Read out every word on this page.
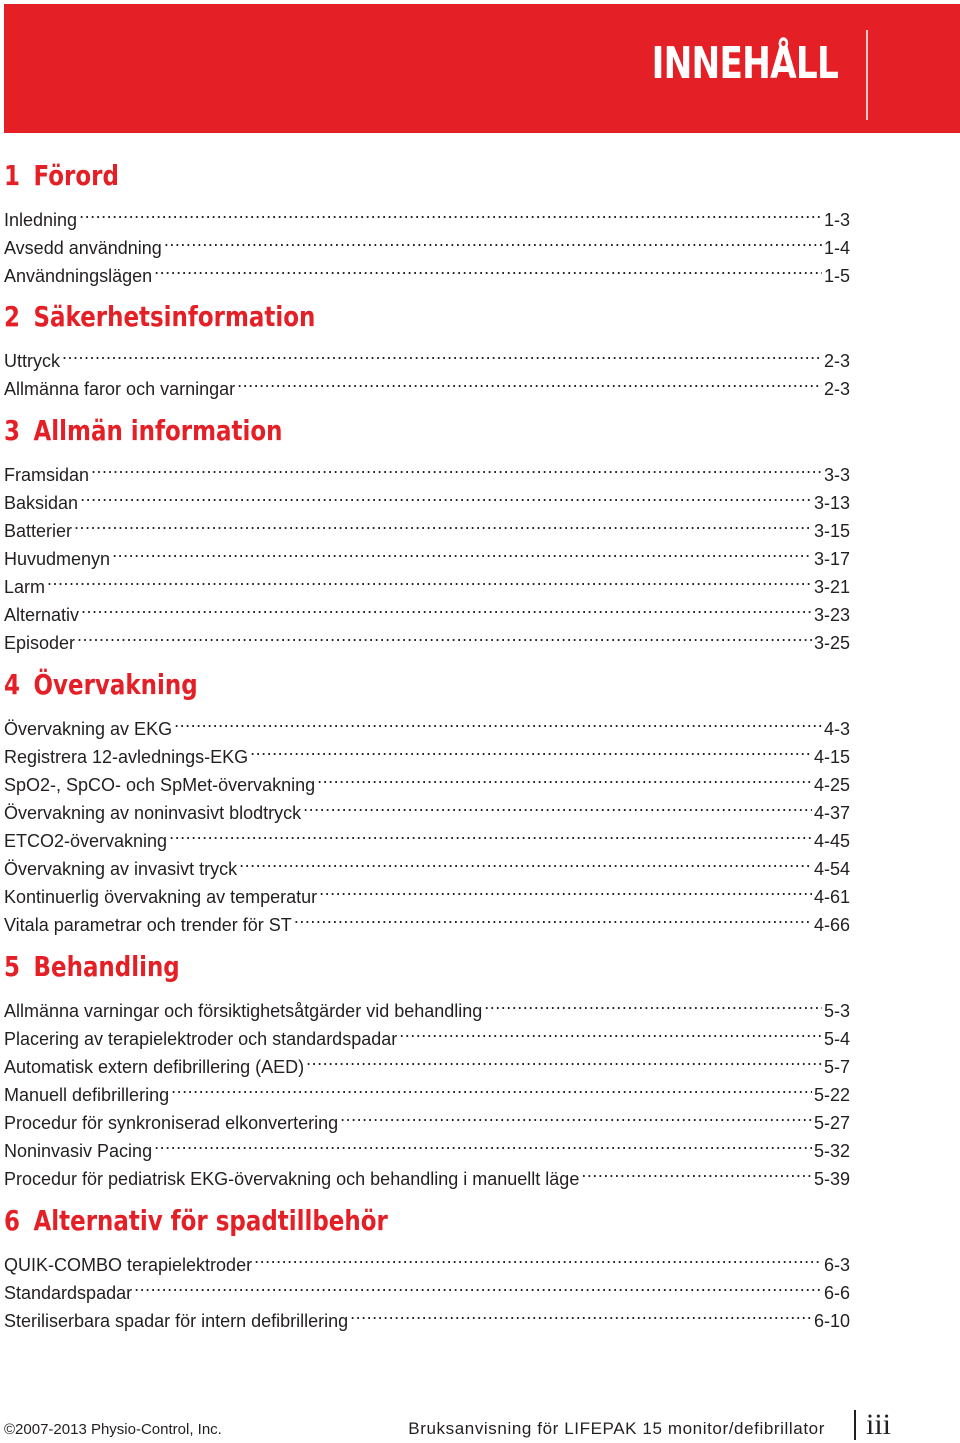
INNEHÅLL
1 Förord
Inledning .....	1-3
Avsedd användning .....	1-4
Användningslägen .....	1-5
2 Säkerhetsinformation
Uttryck .....	2-3
Allmänna faror och varningar .....	2-3
3 Allmän information
Framsidan .....	3-3
Baksidan .....	3-13
Batterier .....	3-15
Huvudmenyn .....	3-17
Larm .....	3-21
Alternativ .....	3-23
Episoder .....	3-25
4 Övervakning
Övervakning av EKG .....	4-3
Registrera 12-avlednings-EKG .....	4-15
SpO2-, SpCO- och SpMet-övervakning .....	4-25
Övervakning av noninvasivt blodtryck .....	4-37
ETCO2-övervakning .....	4-45
Övervakning av invasivt tryck .....	4-54
Kontinuerlig övervakning av temperatur .....	4-61
Vitala parametrar och trender för ST .....	4-66
5 Behandling
Allmänna varningar och försiktighetsåtgärder vid behandling .....	5-3
Placering av terapielektroder och standardspadar .....	5-4
Automatisk extern defibrillering (AED) .....	5-7
Manuell defibrillering .....	5-22
Procedur för synkroniserad elkonvertering .....	5-27
Noninvasiv Pacing .....	5-32
Procedur för pediatrisk EKG-övervakning och behandling i manuellt läge .....	5-39
6 Alternativ för spadtillbehör
QUIK-COMBO terapielektroder .....	6-3
Standardspadar .....	6-6
Steriliserbara spadar för intern defibrillering .....	6-10
©2007-2013 Physio-Control, Inc.	Bruksanvisning för LIFEPAK 15 monitor/defibrillator iii
